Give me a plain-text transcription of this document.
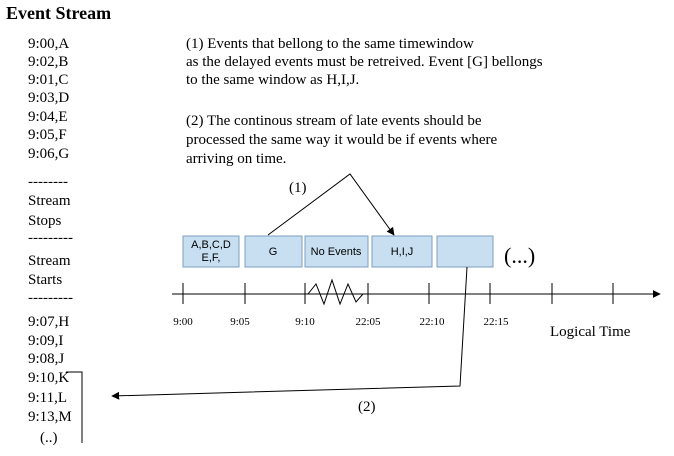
Event Stream
9:00,A
9:02,B
9:01,C
9:03,D
9:04,E
9:05,F
9:06,G
--------
Stream
Stops
---------
Stream
Starts
---------
9:07,H
9:09,I
9:08,J
9:10,K
9:11,L
9:13,M
(..)
(1) Events that bellong to the same timewindow
as the delayed events must be retreived. Event [G] bellongs
to the same window as H,I,J.
(2) The continous stream of late events should be
processed the same way it would be if events where
arriving on time.
(1)
A,B,C,D
E,F,	G	No Events	H,I,J	(...)
9:00	9:05	9:10	22:05	22:10	22:15
Logical Time
(2)
